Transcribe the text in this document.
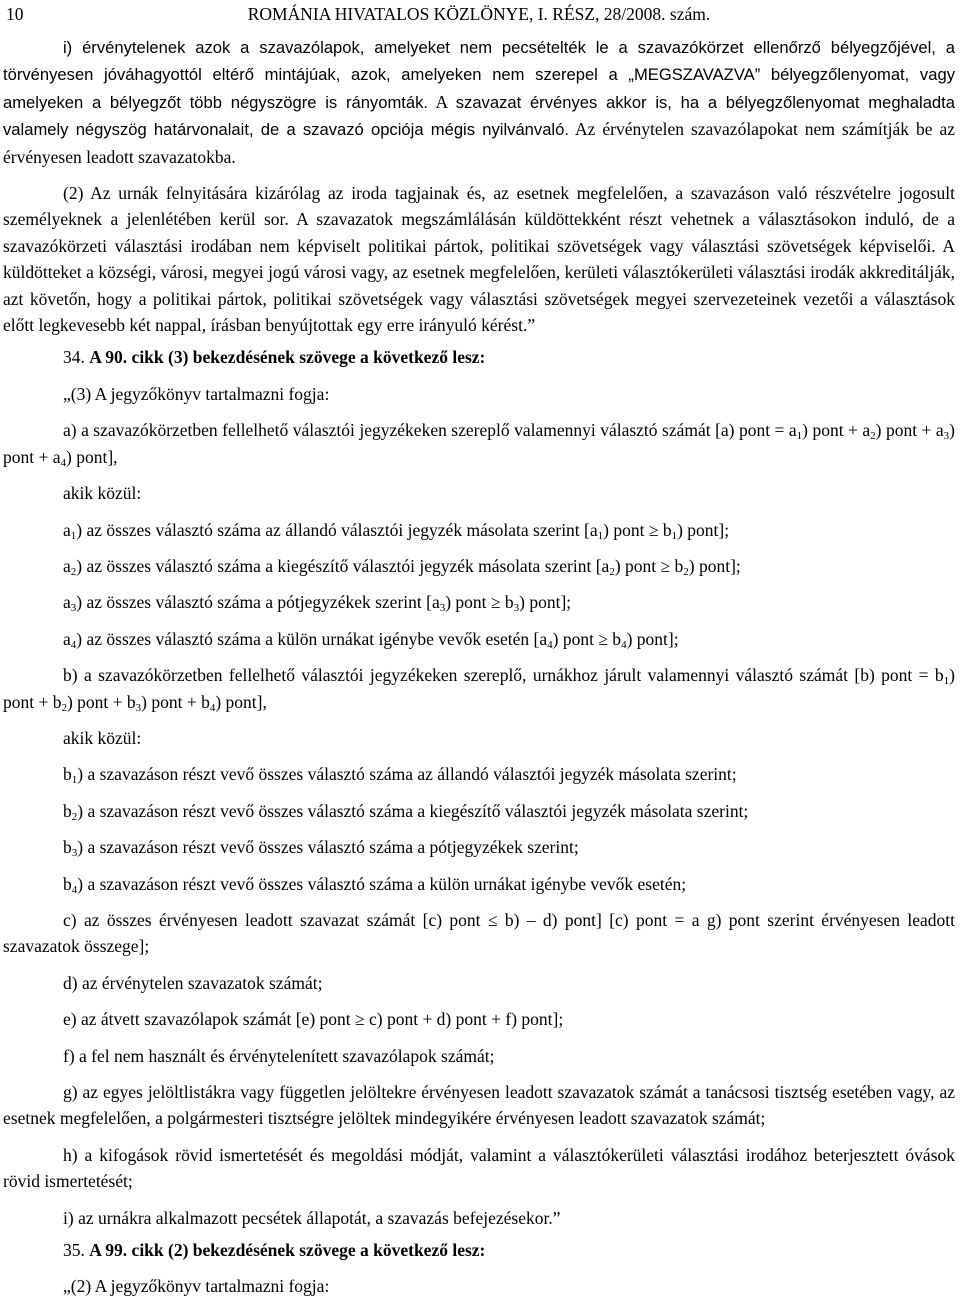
10	ROMÁNIA HIVATALOS KÖZLÖNYE, I. RÉSZ, 28/2008. szám.

i) érvénytelenek azok a szavazólapok, amelyeket nem pecsételték le a szavazókörzet ellenőrző bélyegzőjével, a törvényesen jóváhagyottól eltérő mintájúak, azok, amelyeken nem szerepel a „MEGSZAVAZVA” bélyegzőlenyomat, vagy amelyeken a bélyegzőt több négyszögre is rányomták. A szavazat érvényes akkor is, ha a bélyegzőlenyomat meghaladta valamely négyszög határvonalait, de a szavazó opciója mégis nyilvánvaló. Az érvénytelen szavazólapokat nem számítják be az érvényesen leadott szavazatokba.

(2) Az urnák felnyitására kizárólag az iroda tagjainak és, az esetnek megfelelően, a szavazáson való részvételre jogosult személyeknek a jelenlétében kerül sor. A szavazatok megszámlálásán küldöttekként részt vehetnek a választásokon induló, de a szavazókörzeti választási irodában nem képviselt politikai pártok, politikai szövetségek vagy választási szövetségek képviselői. A küldötteket a községi, városi, megyei jogú városi vagy, az esetnek megfelelően, kerületi választókerületi választási irodák akkreditálják, azt követőn, hogy a politikai pártok, politikai szövetségek vagy választási szövetségek megyei szervezeteinek vezetői a választások előtt legkevesebb két nappal, írásban benyújtottak egy erre irányuló kérést.”

34. A 90. cikk (3) bekezdésének szövege a következő lesz:

„(3) A jegyzőkönyv tartalmazni fogja:

a) a szavazókörzetben fellelhető választói jegyzékeken szereplő valamennyi választó számát [a) pont = $a_1$) pont + $a_2$) pont + $a_3$) pont + $a_4$) pont],

akik közül:

$a_1$) az összes választó száma az állandó választói jegyzék másolata szerint $[a_1)$ pont ≥ $b_1$) pont];

$a_2$) az összes választó száma a kiegészítő választói jegyzék másolata szerint $[a_2)$ pont ≥ $b_2$) pont];

$a_3$) az összes választó száma a pótjegyzékek szerint $[a_3)$ pont ≥ $b_3$) pont];

$a_4$) az összes választó száma a külön urnákat igénybe vevők esetén $[a_4)$ pont ≥ $b_4$) pont];

b) a szavazókörzetben fellelhető választói jegyzékeken szereplő, urnákhoz járult valamennyi választó számát [b) pont = $b_1$) pont + $b_2$) pont + $b_3$) pont + $b_4$) pont],

akik közül:

$b_1$) a szavazáson részt vevő összes választó száma az állandó választói jegyzék másolata szerint;

$b_2$) a szavazáson részt vevő összes választó száma a kiegészítő választói jegyzék másolata szerint;

$b_3$) a szavazáson részt vevő összes választó száma a pótjegyzékek szerint;

$b_4$) a szavazáson részt vevő összes választó száma a külön urnákat igénybe vevők esetén;

c) az összes érvényesen leadott szavazat számát [c) pont ≤ b) – d) pont] [c) pont = a g) pont szerint érvényesen leadott szavazatok összege];

d) az érvénytelen szavazatok számát;

e) az átvett szavazólapok számát [e) pont ≥ c) pont + d) pont + f) pont];

f) a fel nem használt és érvénytelenített szavazólapok számát;

g) az egyes jelöltlistákra vagy független jelöltekre érvényesen leadott szavazatok számát a tanácsosi tisztség esetében vagy, az esetnek megfelelően, a polgármesteri tisztségre jelöltek mindegyikére érvényesen leadott szavazatok számát;

h) a kifogások rövid ismertetését és megoldási módját, valamint a választókerületi választási irodához beterjesztett óvások rövid ismertetését;

i) az urnákra alkalmazott pecsétek állapotát, a szavazás befejezésekor.”

35. A 99. cikk (2) bekezdésének szövege a következő lesz:

„(2) A jegyzőkönyv tartalmazni fogja:
